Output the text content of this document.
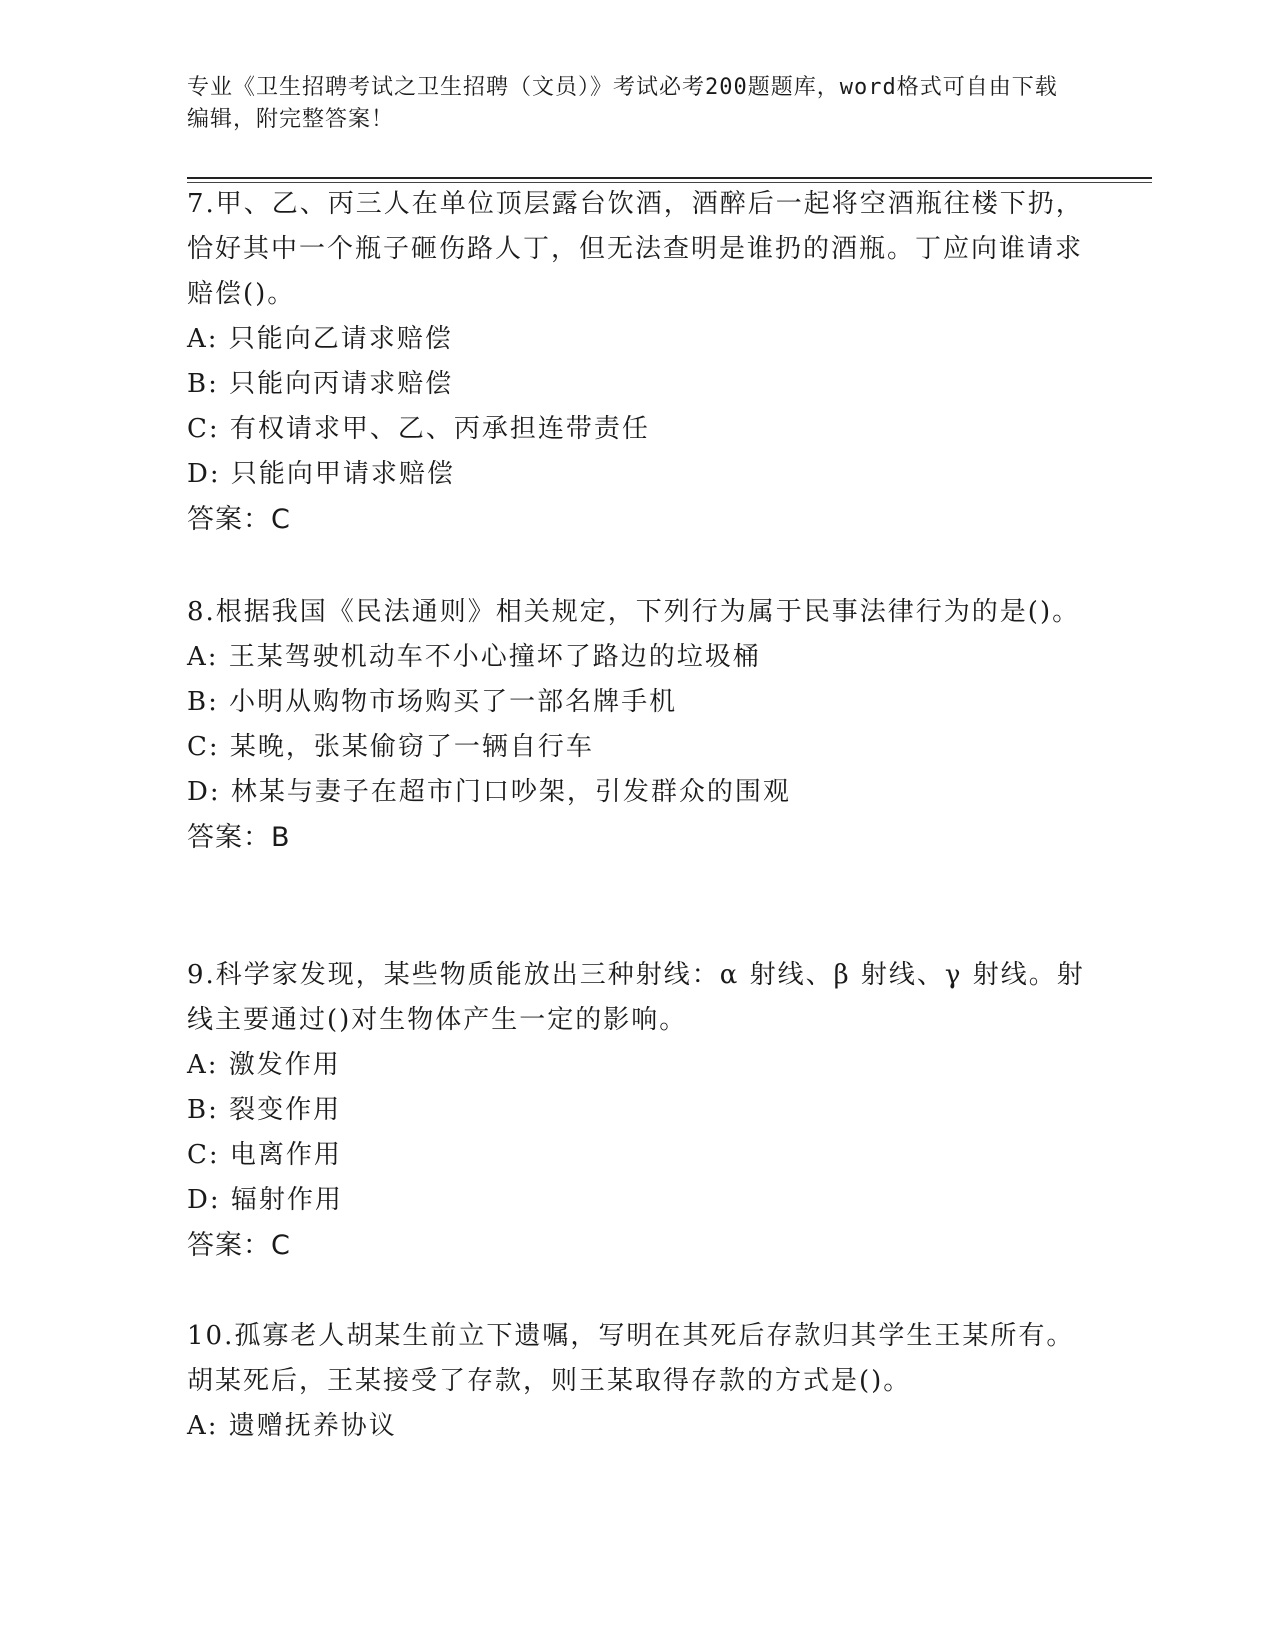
专业《卫生招聘考试之卫生招聘（文员）》考试必考200题题库，word格式可自由下载编辑，附完整答案！

7.甲、乙、丙三人在单位顶层露台饮酒，酒醉后一起将空酒瓶往楼下扔，恰好其中一个瓶子砸伤路人丁，但无法查明是谁扔的酒瓶。丁应向谁请求赔偿()。

A: 只能向乙请求赔偿

B: 只能向丙请求赔偿

C: 有权请求甲、乙、丙承担连带责任

D: 只能向甲请求赔偿

答案：C

8.根据我国《民法通则》相关规定，下列行为属于民事法律行为的是()。

A: 王某驾驶机动车不小心撞坏了路边的垃圾桶

B: 小明从购物市场购买了一部名牌手机

C: 某晚，张某偷窃了一辆自行车

D: 林某与妻子在超市门口吵架，引发群众的围观

答案：B

9.科学家发现，某些物质能放出三种射线：α 射线、β 射线、γ 射线。射线主要通过()对生物体产生一定的影响。

A: 激发作用

B: 裂变作用

C: 电离作用

D: 辐射作用

答案：C

10.孤寡老人胡某生前立下遗嘱，写明在其死后存款归其学生王某所有。胡某死后，王某接受了存款，则王某取得存款的方式是()。

A: 遗赠抚养协议
